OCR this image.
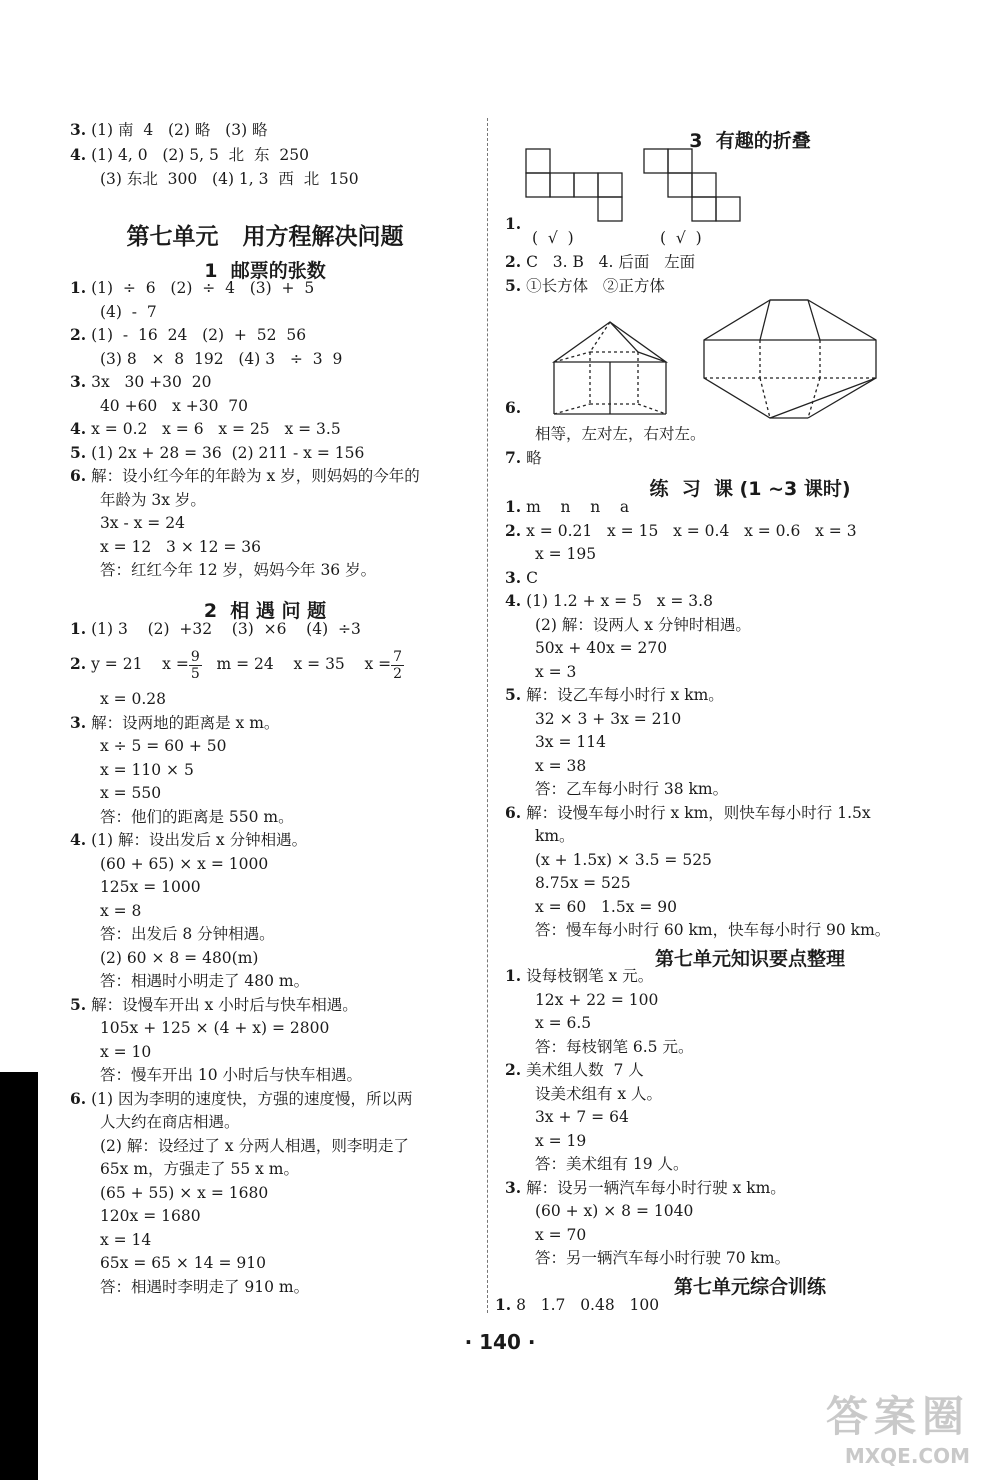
3. (1) 南  4   (2) 略   (3) 略
4. (1) 4, 0   (2) 5, 5  北  东  250
(3) 东北  300   (4) 1, 3  西  北  150
第七单元   用方程解决问题
1  邮票的张数
1. (1)  ÷  6   (2)  ÷  4   (3)  +  5
(4)  -  7
2. (1)  -  16  24   (2)  +  52  56
(3) 8   ×  8  192   (4) 3   ÷  3  9
3. 3x   30 +30  20
40 +60   x +30  70
4. x = 0.2   x = 6   x = 25   x = 3.5
5. (1) 2x + 28 = 36  (2) 211 - x = 156
6. 解：设小红今年的年龄为 x 岁，则妈妈的今年的
年龄为 3x 岁。
3x - x = 24
x = 12   3 × 12 = 36
答：红红今年 12 岁，妈妈今年 36 岁。
2  相 遇 问 题
1. (1) 3    (2)  +32    (3)  ×6    (4)  ÷3
2. y = 21    $x = \frac{9}{5}$ m = 24    x = 35    $x = \frac{7}{2}$
x = 0.28
3. 解：设两地的距离是 x m。
x ÷ 5 = 60 + 50
x = 110 × 5
x = 550
答：他们的距离是 550 m。
4. (1) 解：设出发后 x 分钟相遇。
(60 + 65) × x = 1000
125x = 1000
x = 8
答：出发后 8 分钟相遇。
(2) 60 × 8 = 480(m)
答：相遇时小明走了 480 m。
5. 解：设慢车开出 x 小时后与快车相遇。
105x + 125 × (4 + x) = 2800
x = 10
答：慢车开出 10 小时后与快车相遇。
6. (1) 因为李明的速度快，方强的速度慢，所以两
人大约在商店相遇。
(2) 解：设经过了 x 分两人相遇，则李明走了
65x m，方强走了 55 x m。
(65 + 55) × x = 1680
120x = 1680
x = 14
65x = 65 × 14 = 910
答：相遇时李明走了 910 m。
3  有趣的折叠
1.
(  √  )	(  √  )
2. C   3. B   4. 后面   左面
5. ①长方体   ②正方体
6.
相等，左对左，右对左。
7. 略
练  习  课 (1 ~3 课时)
1. m    n    n    a
2. x = 0.21   x = 15   x = 0.4   x = 0.6   x = 3
x = 195
3. C
4. (1) 1.2 + x = 5   x = 3.8
(2) 解：设两人 x 分钟时相遇。
50x + 40x = 270
x = 3
5. 解：设乙车每小时行 x km。
32 × 3 + 3x = 210
3x = 114
x = 38
答：乙车每小时行 38 km。
6. 解：设慢车每小时行 x km，则快车每小时行 1.5x
km。
(x + 1.5x) × 3.5 = 525
8.75x = 525
x = 60   1.5x = 90
答：慢车每小时行 60 km，快车每小时行 90 km。
第七单元知识要点整理
1. 设每枝钢笔 x 元。
12x + 22 = 100
x = 6.5
答：每枝钢笔 6.5 元。
2. 美术组人数  7 人
设美术组有 x 人。
3x + 7 = 64
x = 19
答：美术组有 19 人。
3. 解：设另一辆汽车每小时行驶 x km。
(60 + x) × 8 = 1040
x = 70
答：另一辆汽车每小时行驶 70 km。
第七单元综合训练
1. 8   1.7   0.48   100
· 140 ·
答案圈
MXQE.COM
